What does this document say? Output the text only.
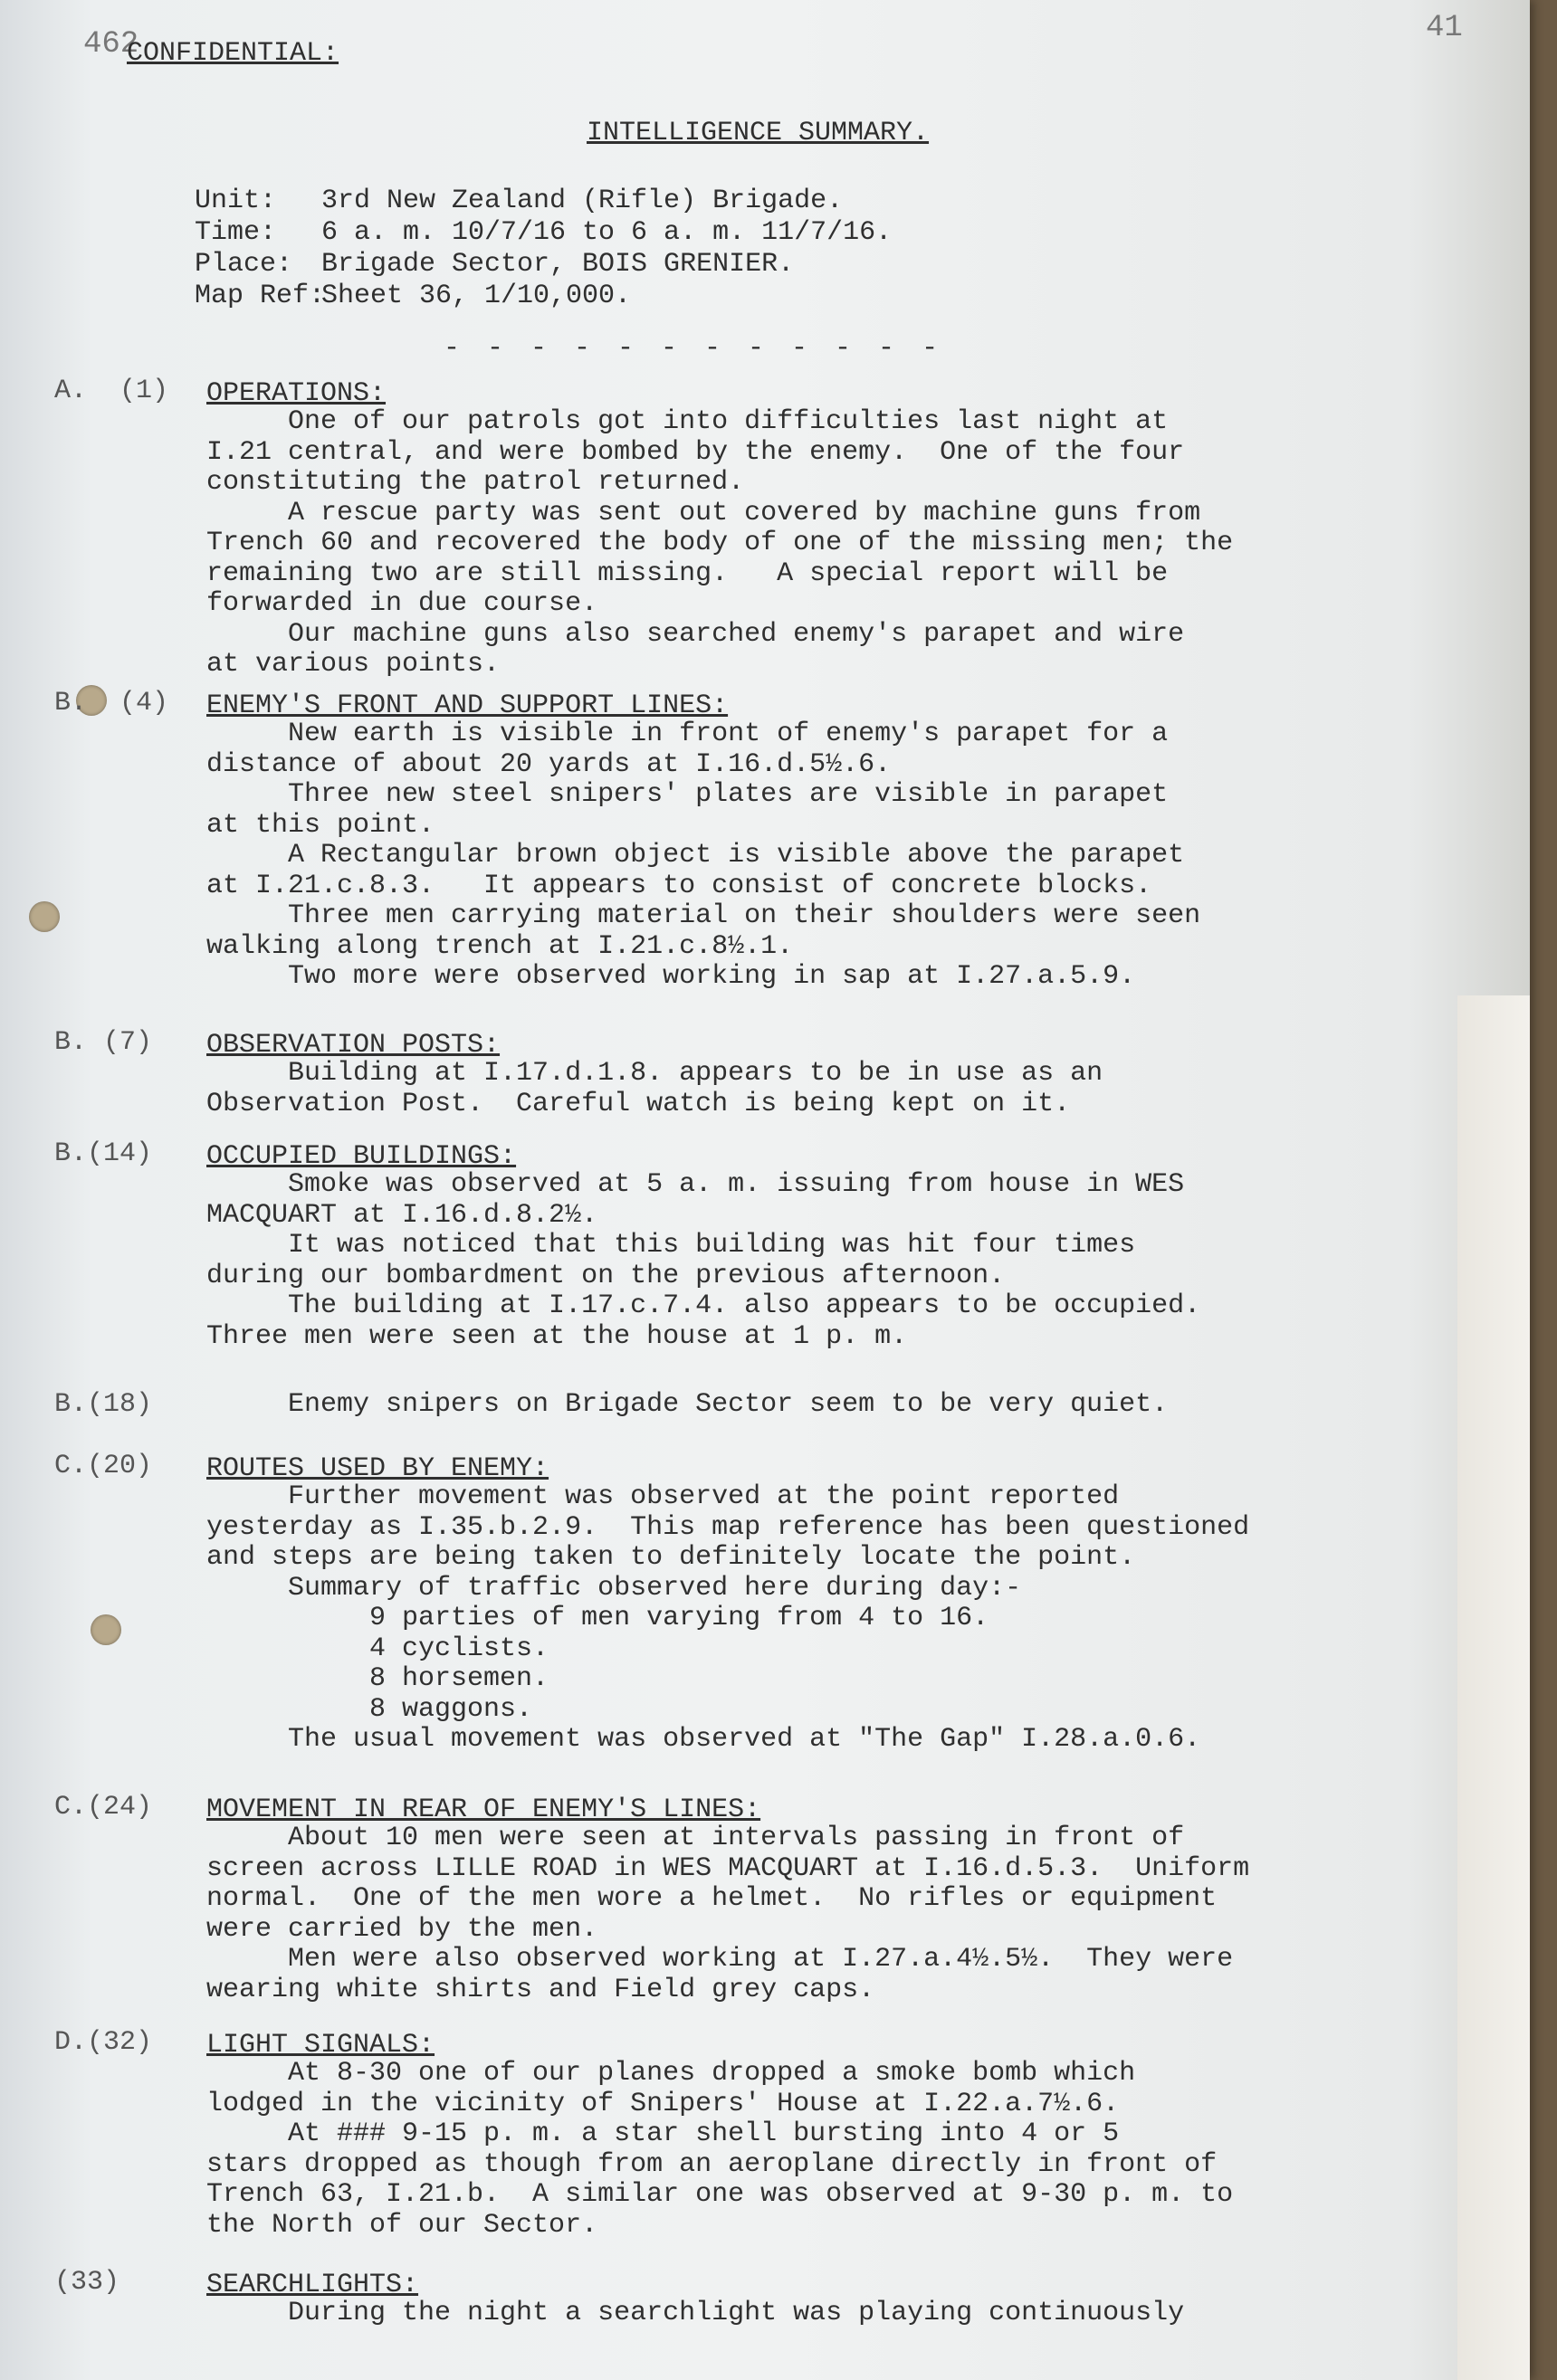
462	41
CONFIDENTIAL:
INTELLIGENCE SUMMARY.
Unit: 3rd New Zealand (Rifle) Brigade.
Time: 6 a. m. 10/7/16 to 6 a. m. 11/7/16.
Place: Brigade Sector, BOIS GRENIER.
Map Ref:
Sheet 36, 1/10,000.
- - - - - - - - - - - -
A.  (1) OPERATIONS:
One of our patrols got into difficulties last night at
I.21 central, and were bombed by the enemy.  One of the four
constituting the patrol returned.
A rescue party was sent out covered by machine guns from
Trench 60 and recovered the body of one of the missing men; the
remaining two are still missing.   A special report will be
forwarded in due course.
Our machine guns also searched enemy's parapet and wire
at various points.
B.  (4) ENEMY'S FRONT AND SUPPORT LINES:
New earth is visible in front of enemy's parapet for a
distance of about 20 yards at I.16.d.5½.6.
Three new steel snipers' plates are visible in parapet
at this point.
A Rectangular brown object is visible above the parapet
at I.21.c.8.3.   It appears to consist of concrete blocks.
Three men carrying material on their shoulders were seen
walking along trench at I.21.c.8½.1.
Two more were observed working in sap at I.27.a.5.9.
B. (7) OBSERVATION POSTS:
Building at I.17.d.1.8. appears to be in use as an
Observation Post.  Careful watch is being kept on it.
B.(14) OCCUPIED BUILDINGS:
Smoke was observed at 5 a. m. issuing from house in WES
MACQUART at I.16.d.8.2½.
It was noticed that this building was hit four times
during our bombardment on the previous afternoon.
The building at I.17.c.7.4. also appears to be occupied.
Three men were seen at the house at 1 p. m.
B.(18) Enemy snipers on Brigade Sector seem to be very quiet.
C.(20) ROUTES USED BY ENEMY:
Further movement was observed at the point reported
yesterday as I.35.b.2.9.  This map reference has been questioned
and steps are being taken to definitely locate the point.
Summary of traffic observed here during day:-
9 parties of men varying from 4 to 16.
4 cyclists.
8 horsemen.
8 waggons.
The usual movement was observed at "The Gap" I.28.a.0.6.
C.(24) MOVEMENT IN REAR OF ENEMY'S LINES:
About 10 men were seen at intervals passing in front of
screen across LILLE ROAD in WES MACQUART at I.16.d.5.3.  Uniform
normal.  One of the men wore a helmet.  No rifles or equipment
were carried by the men.
Men were also observed working at I.27.a.4½.5½.  They were
wearing white shirts and Field grey caps.
D.(32) LIGHT SIGNALS:
At 8-30 one of our planes dropped a smoke bomb which
lodged in the vicinity of Snipers' House at I.22.a.7½.6.
At ### 9-15 p. m. a star shell bursting into 4 or 5
stars dropped as though from an aeroplane directly in front of
Trench 63, I.21.b.  A similar one was observed at 9-30 p. m. to
the North of our Sector.
(33)	SEARCHLIGHTS:
During the night a searchlight was playing continuously
